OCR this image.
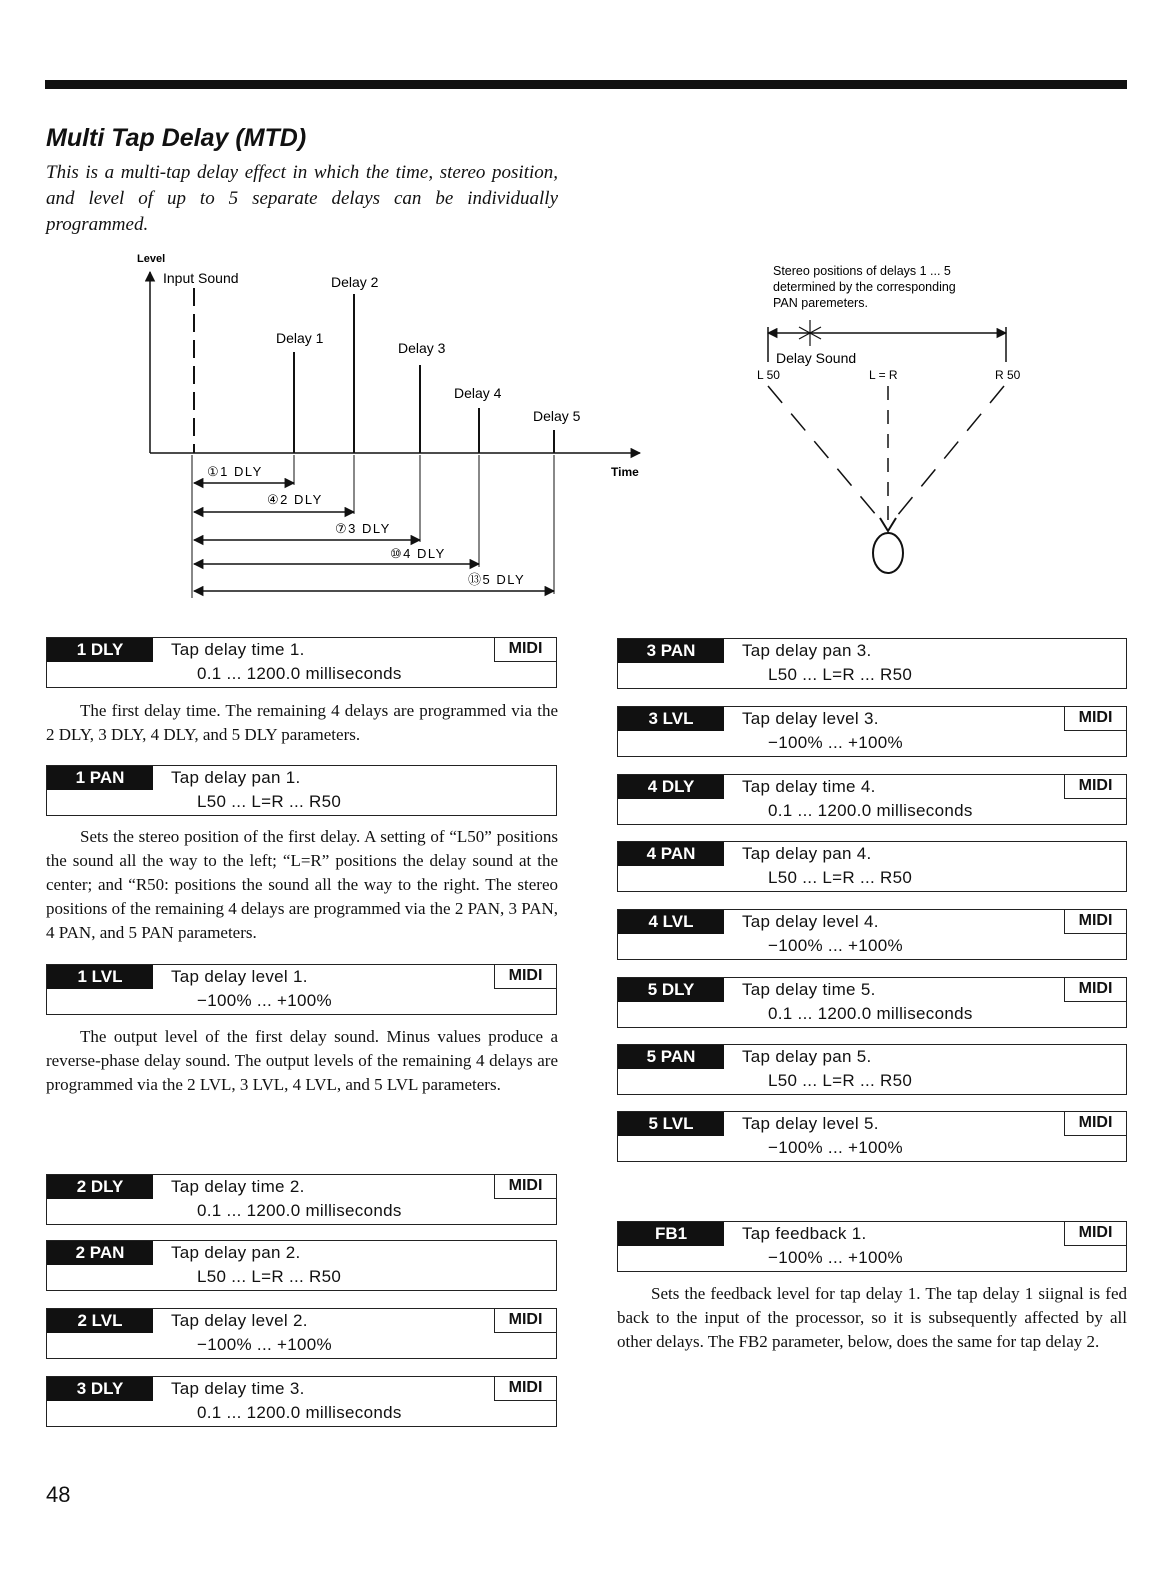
Multi Tap Delay (MTD)

This is a multi-tap delay effect in which the time, stereo position, and level of up to 5 separate delays can be individually programmed.

Level
Time
Input Sound
Delay 1
Delay 2
Delay 3
Delay 4
Delay 5
①1 DLY
④2 DLY
⑦3 DLY
⑩4 DLY
⑬5 DLY
Stereo positions of delays 1 ... 5
determined by the corresponding
PAN paremeters.
Delay Sound
L 50	L = R	R 50
1 DLY	Tap delay time 1.
0.1 ... 1200.0 milliseconds
MIDI

The first delay time. The remaining 4 delays are programmed via the 2 DLY, 3 DLY, 4 DLY, and 5 DLY parameters.

1 PAN	Tap delay pan 1.
L50 ... L=R ... R50

Sets the stereo position of the first delay. A setting of “L50” positions the sound all the way to the left; “L=R” positions the delay sound at the center; and “R50: positions the sound all the way to the right. The stereo positions of the remaining 4 delays are programmed via the 2 PAN, 3 PAN, 4 PAN, and 5 PAN parameters.

1 LVL	Tap delay level 1.
−100% ... +100%
MIDI

The output level of the first delay sound. Minus values produce a reverse-phase delay sound. The output levels of the remaining 4 delays are programmed via the 2 LVL, 3 LVL, 4 LVL, and 5 LVL parameters.

2 DLY	Tap delay time 2.
0.1 ... 1200.0 milliseconds
MIDI
2 PAN	Tap delay pan 2.
L50 ... L=R ... R50
2 LVL	Tap delay level 2.
−100% ... +100%
MIDI
3 DLY	Tap delay time 3.
0.1 ... 1200.0 milliseconds
MIDI
3 PAN	Tap delay pan 3.
L50 ... L=R ... R50
3 LVL	Tap delay level 3.
−100% ... +100%
MIDI
4 DLY	Tap delay time 4.
0.1 ... 1200.0 milliseconds
MIDI
4 PAN	Tap delay pan 4.
L50 ... L=R ... R50
4 LVL	Tap delay level 4.
−100% ... +100%
MIDI
5 DLY	Tap delay time 5.
0.1 ... 1200.0 milliseconds
MIDI
5 PAN	Tap delay pan 5.
L50 ... L=R ... R50
5 LVL	Tap delay level 5.
−100% ... +100%
MIDI
FB1	Tap feedback 1.
−100% ... +100%
MIDI

Sets the feedback level for tap delay 1. The tap delay 1 siignal is fed back to the input of the processor, so it is subsequently affected by all other delays. The FB2 parameter, below, does the same for tap delay 2.

48
